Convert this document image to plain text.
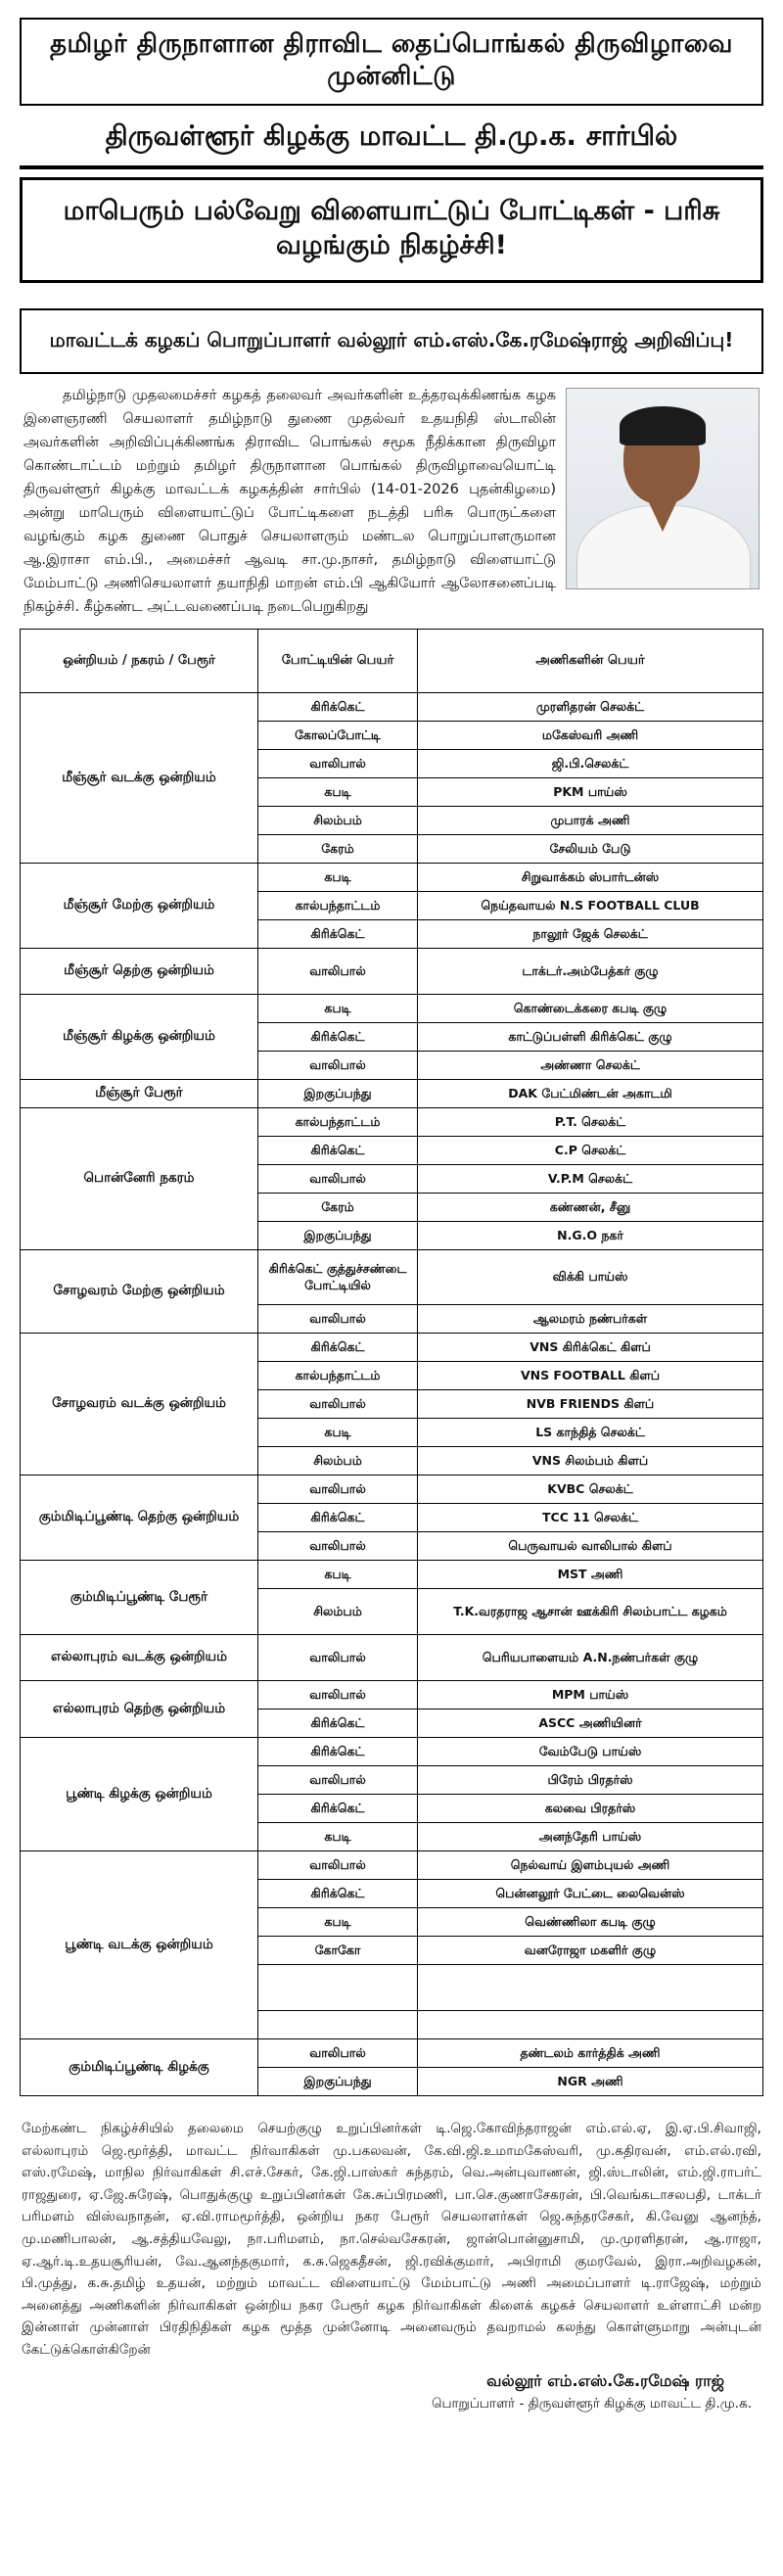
தமிழர் திருநாளான திராவிட தைப்பொங்கல் திருவிழாவை முன்னிட்டு
திருவள்ளூர் கிழக்கு மாவட்ட தி.மு.க. சார்பில்
மாபெரும் பல்வேறு விளையாட்டுப் போட்டிகள் - பரிசு வழங்கும் நிகழ்ச்சி!
மாவட்டக் கழகப் பொறுப்பாளர் வல்லூர் எம்.எஸ்.கே.ரமேஷ்ராஜ் அறிவிப்பு!
தமிழ்நாடு முதலமைச்சர் கழகத் தலைவர் அவர்களின் உத்தரவுக்கிணங்க கழக இளைஞரணி செயலாளர் தமிழ்நாடு துணை முதல்வர் உதயநிதி ஸ்டாலின் அவர்களின் அறிவிப்புக்கிணங்க திராவிட பொங்கல் சமூக நீதிக்கான திருவிழா கொண்டாட்டம் மற்றும் தமிழர் திருநாளான பொங்கல் திருவிழாவையொட்டி திருவள்ளூர் கிழக்கு மாவட்டக் கழகத்தின் சார்பில் (14-01-2026 புதன்கிழமை) அன்று மாபெரும் விளையாட்டுப் போட்டிகளை நடத்தி பரிசு பொருட்களை வழங்கும் கழக துணை பொதுச் செயலாளரும் மண்டல பொறுப்பாளருமான ஆ.இராசா எம்.பி., அமைச்சர் ஆவடி சா.மு.நாசர், தமிழ்நாடு விளையாட்டு மேம்பாட்டு அணிசெயலாளர் தயாநிதி மாறன் எம்.பி ஆகியோர் ஆலோசனைப்படி நிகழ்ச்சி. கீழ்கண்ட அட்டவணைப்படி நடைபெறுகிறது
ஒன்றியம் / நகரம் / பேரூர்	போட்டியின் பெயர்	அணிகளின் பெயர்
மீஞ்சூர் வடக்கு ஒன்றியம்	கிரிக்கெட்	முரளிதரன் செலக்ட்
	கோலப்போட்டி	மகேஸ்வரி அணி
	வாலிபால்	ஜி.பி.செலக்ட்
	கபடி	PKM பாய்ஸ்
	சிலம்பம்	முபாரக் அணி
	கேரம்	சேலியம் பேடு
மீஞ்சூர் மேற்கு ஒன்றியம்	கபடி	சிறுவாக்கம் ஸ்பார்டன்ஸ்
	கால்பந்தாட்டம்	நெய்தவாயல் N.S FOOTBALL CLUB
	கிரிக்கெட்	நாலூர் ஜேக் செலக்ட்
மீஞ்சூர் தெற்கு ஒன்றியம்	வாலிபால்	டாக்டர்.அம்பேத்கர் குழு
மீஞ்சூர் கிழக்கு ஒன்றியம்	கபடி	கொண்டைக்கரை கபடி குழு
	கிரிக்கெட்	காட்டுப்பள்ளி கிரிக்கெட் குழு
	வாலிபால்	அண்ணா செலக்ட்
மீஞ்சூர் பேரூர்	இறகுப்பந்து	DAK பேட்மிண்டன் அகாடமி
பொன்னேரி நகரம்	கால்பந்தாட்டம்	P.T. செலக்ட்
	கிரிக்கெட்	C.P செலக்ட்
	வாலிபால்	V.P.M செலக்ட்
	கேரம்	கண்ணன், சீனு
	இறகுப்பந்து	N.G.O நகர்
சோழவரம் மேற்கு ஒன்றியம்	கிரிக்கெட் குத்துச்சண்டை போட்டியில்	விக்கி பாய்ஸ்
	வாலிபால்	ஆலமரம் நண்பர்கள்
சோழவரம் வடக்கு ஒன்றியம்	கிரிக்கெட்	VNS கிரிக்கெட் கிளப்
	கால்பந்தாட்டம்	VNS FOOTBALL கிளப்
	வாலிபால்	NVB FRIENDS கிளப்
	கபடி	LS காந்தித் செலக்ட்
	சிலம்பம்	VNS சிலம்பம் கிளப்
கும்மிடிப்பூண்டி தெற்கு ஒன்றியம்	வாலிபால்	KVBC செலக்ட்
	கிரிக்கெட்	TCC 11 செலக்ட்
	வாலிபால்	பெருவாயல் வாலிபால் கிளப்
கும்மிடிப்பூண்டி பேரூர்	கபடி	MST அணி
	சிலம்பம்	T.K.வரதராஜ ஆசான் ஊக்கிரி சிலம்பாட்ட கழகம்
எல்லாபுரம் வடக்கு ஒன்றியம்	வாலிபால்	பெரியபாளையம் A.N.நண்பர்கள் குழு
எல்லாபுரம் தெற்கு ஒன்றியம்	வாலிபால்	MPM பாய்ஸ்
	கிரிக்கெட்	ASCC அணியினர்
பூண்டி கிழக்கு ஒன்றியம்	கிரிக்கெட்	வேம்பேடு பாய்ஸ்
	வாலிபால்	பிரேம் பிரதர்ஸ்
	கிரிக்கெட்	கலவை பிரதர்ஸ்
	கபடி	அனந்தேரி பாய்ஸ்
பூண்டி வடக்கு ஒன்றியம்	வாலிபால்	நெல்வாய் இளம்புயல் அணி
	கிரிக்கெட்	பென்னலூர் பேட்டை லைவென்ஸ்
	கபடி	வெண்ணிலா கபடி குழு
	கோகோ	வனரோஜா மகளிர் குழு

கும்மிடிப்பூண்டி கிழக்கு	வாலிபால்	தண்டலம் கார்த்திக் அணி
	இறகுப்பந்து	NGR அணி
மேற்கண்ட நிகழ்ச்சியில் தலைமை செயற்குழு உறுப்பினர்கள் டி.ஜெ.கோவிந்தராஜன் எம்.எல்.ஏ, இ.ஏ.பி.சிவாஜி, எல்லாபுரம் ஜெ.மூர்த்தி, மாவட்ட நிர்வாகிகள் மு.பகலவன், கே.வி.ஜி.உமாமகேஸ்வரி, மு.கதிரவன், எம்.எல்.ரவி, எஸ்.ரமேஷ், மாநில நிர்வாகிகள் சி.எச்.சேகர், கே.ஜி.பாஸ்கர் சுந்தரம், வெ.அன்புவாணன், ஜி.ஸ்டாலின், எம்.ஜி.ராபர்ட் ராஜதுரை, ஏ.ஜே.சுரேஷ், பொதுக்குழு உறுப்பினர்கள் கே.சுப்பிரமணி, பா.செ.குணாசேகரன், பி.வெங்கடாசலபதி, டாக்டர் பரிமளம் விஸ்வநாதன், ஏ.வி.ராமமூர்த்தி, ஒன்றிய நகர பேரூர் செயலாளர்கள் ஜெ.சுந்தரசேகர், கி.வேனு ஆனந்த், மு.மணிபாலன், ஆ.சத்தியவேலு, நா.பரிமளம், நா.செல்வசேகரன், ஜான்பொன்னுசாமி, மு.முரளிதரன், ஆ.ராஜா, ஏ.ஆர்.டி.உதயசூரியன், வே.ஆனந்தகுமார், க.சு.ஜெகதீசன், ஜி.ரவிக்குமார், அபிராமி குமரவேல், இரா.அறிவழகன், பி.முத்து, க.சு.தமிழ் உதயன், மற்றும் மாவட்ட விளையாட்டு மேம்பாட்டு அணி அமைப்பாளர் டி.ராஜேஷ், மற்றும் அனைத்து அணிகளின் நிர்வாகிகள் ஒன்றிய நகர பேரூர் கழக நிர்வாகிகள் கிளைக் கழகச் செயலாளர் உள்ளாட்சி மன்ற இன்னாள் முன்னாள் பிரதிநிதிகள் கழக மூத்த முன்னோடி அனைவரும் தவறாமல் கலந்து கொள்ளுமாறு அன்புடன் கேட்டுக்கொள்கிறேன்
வல்லூர் எம்.எஸ்.கே.ரமேஷ் ராஜ்
பொறுப்பாளர் - திருவள்ளூர் கிழக்கு மாவட்ட தி.மு.க.
